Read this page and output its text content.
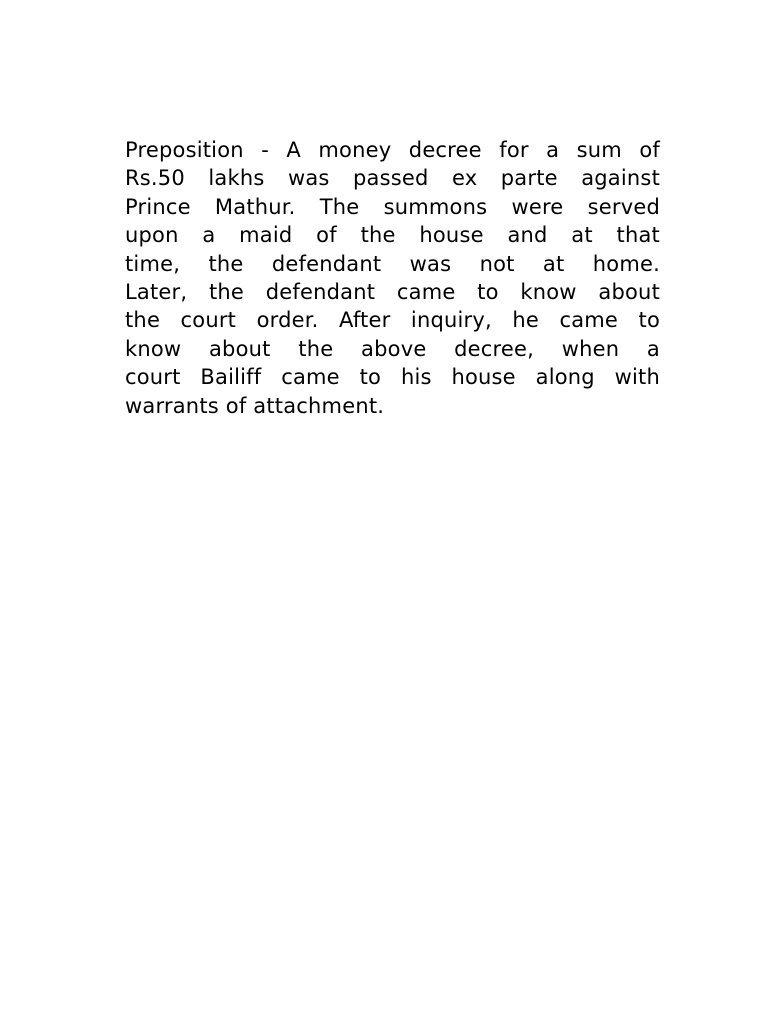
Preposition - A money decree for a sum of
Rs.50 lakhs was passed ex parte against
Prince Mathur. The summons were served
upon a maid of the house and at that
time, the defendant was not at home.
Later, the defendant came to know about
the court order. After inquiry, he came to
know about the above decree, when a
court Bailiff came to his house along with
warrants of attachment.
